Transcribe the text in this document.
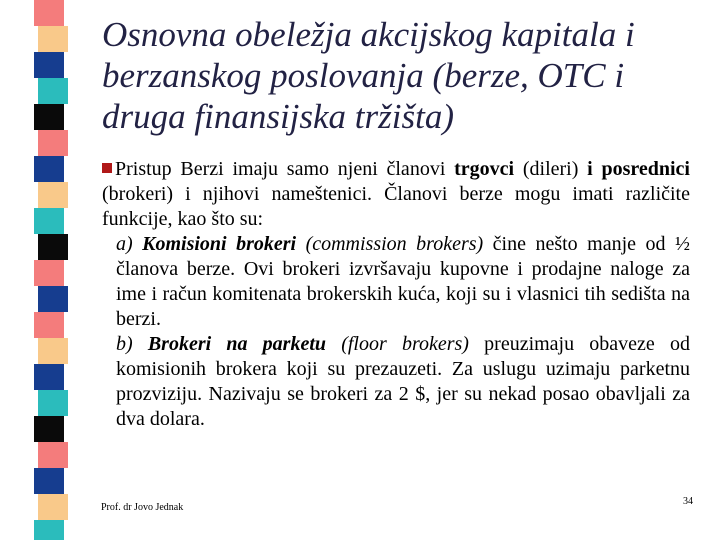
Osnovna obeležja akcijskog kapitala i berzanskog poslovanja (berze, OTC i druga finansijska tržišta)

Pristup Berzi imaju samo njeni članovi trgovci (dileri) i posrednici (brokeri) i njihovi nameštenici. Članovi berze mogu imati različite funkcije, kao što su:

a) Komisioni brokeri (commission brokers) čine nešto manje od ½ članova berze. Ovi brokeri izvršavaju kupovne i prodajne naloge za ime i račun komitenata brokerskih kuća, koji su i vlasnici tih sedišta na berzi.

b) Brokeri na parketu (floor brokers) preuzimaju obaveze od komisionih brokera koji su prezauzeti. Za uslugu uzimaju parketnu prozviziju. Nazivaju se brokeri za 2 $, jer su nekad posao obavljali za dva dolara.

Prof. dr Jovo Jednak
34
